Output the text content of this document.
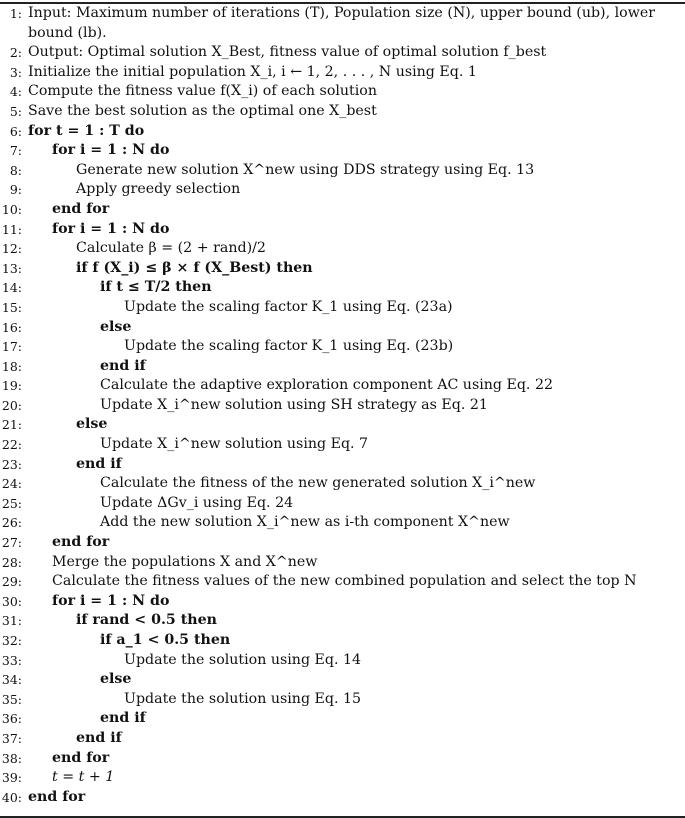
1: Input: Maximum number of iterations (T), Population size (N), upper bound (ub), lower bound (lb).
2: Output: Optimal solution X_Best, fitness value of optimal solution f_best
3: Initialize the initial population X_i, i ← 1, 2, . . . , N using Eq. 1
4: Compute the fitness value f(X_i) of each solution
5: Save the best solution as the optimal one X_best
6: for t = 1 : T do
7: for i = 1 : N do
8:	Generate new solution X^new using DDS strategy using Eq. 13
9:	Apply greedy selection
10: end for
11: for i = 1 : N do
12:	Calculate β = (2 + rand)/2
13:	if f (X_i) ≤ β × f (X_Best) then
14:	if t ≤ T/2 then
15:	Update the scaling factor K_1 using Eq. (23a)
16:	else
17:	Update the scaling factor K_1 using Eq. (23b)
18:	end if
19:	Calculate the adaptive exploration component AC using Eq. 22
20:	Update X_i^new solution using SH strategy as Eq. 21
21:	else
22:	Update X_i^new solution using Eq. 7
23:	end if
24:	Calculate the fitness of the new generated solution X_i^new
25:	Update ΔGv_i using Eq. 24
26:	Add the new solution X_i^new as i-th component X^new
27: end for
28: Merge the populations X and X^new
29: Calculate the fitness values of the new combined population and select the top N
30: for i = 1 : N do
31:	if rand < 0.5 then
32:	if a_1 < 0.5 then
33:	Update the solution using Eq. 14
34:	else
35:	Update the solution using Eq. 15
36:	end if
37:	end if
38: end for
39: t = t + 1
40: end for
